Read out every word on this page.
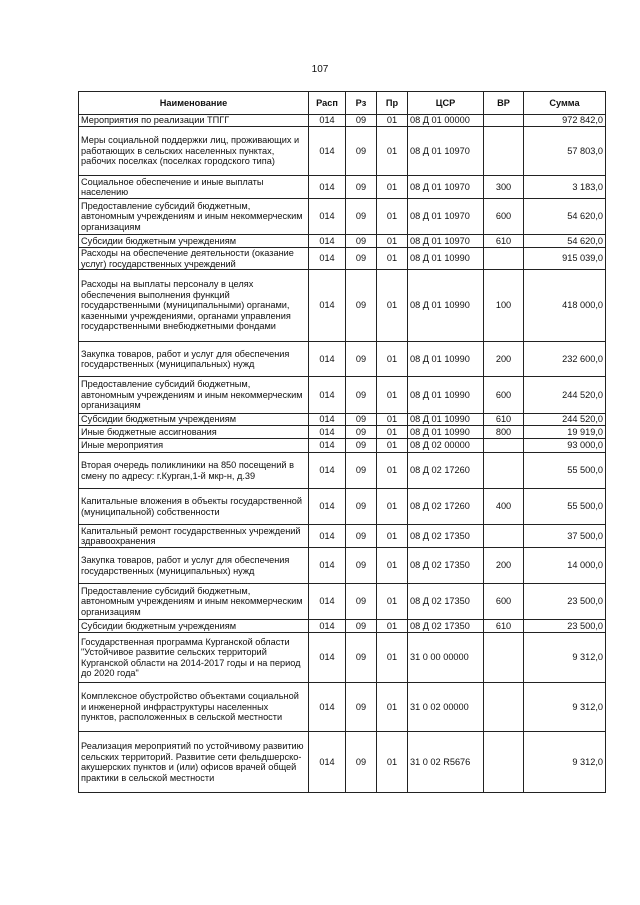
107
Наименование	Расп	Рз	Пр	ЦСР	ВР	Сумма
Мероприятия по реализации ТПГГ	014	09	01	08 Д 01 00000		972 842,0
Меры социальной поддержки лиц, проживающих и работающих в сельских населенных пунктах, рабочих поселках (поселках городского типа)	014	09	01	08 Д 01 10970		57 803,0
Социальное обеспечение и иные выплаты населению	014	09	01	08 Д 01 10970	300	3 183,0
Предоставление субсидий бюджетным, автономным учреждениям и иным некоммерческим организациям	014	09	01	08 Д 01 10970	600	54 620,0
Субсидии бюджетным учреждениям	014	09	01	08 Д 01 10970	610	54 620,0
Расходы на обеспечение деятельности (оказание услуг) государственных учреждений	014	09	01	08 Д 01 10990		915 039,0
Расходы на выплаты персоналу в целях обеспечения выполнения функций государственными (муниципальными) органами, казенными учреждениями, органами управления государственными внебюджетными фондами	014	09	01	08 Д 01 10990	100	418 000,0
Закупка товаров, работ и услуг для обеспечения государственных (муниципальных) нужд	014	09	01	08 Д 01 10990	200	232 600,0
Предоставление субсидий бюджетным, автономным учреждениям и иным некоммерческим организациям	014	09	01	08 Д 01 10990	600	244 520,0
Субсидии бюджетным учреждениям	014	09	01	08 Д 01 10990	610	244 520,0
Иные бюджетные ассигнования	014	09	01	08 Д 01 10990	800	19 919,0
Иные мероприятия	014	09	01	08 Д 02 00000		93 000,0
Вторая очередь поликлиники на 850 посещений в смену по адресу: г.Курган,1-й мкр-н, д.39	014	09	01	08 Д 02 17260		55 500,0
Капитальные вложения в объекты государственной (муниципальной) собственности	014	09	01	08 Д 02 17260	400	55 500,0
Капитальный ремонт государственных учреждений здравоохранения	014	09	01	08 Д 02 17350		37 500,0
Закупка товаров, работ и услуг для обеспечения государственных (муниципальных) нужд	014	09	01	08 Д 02 17350	200	14 000,0
Предоставление субсидий бюджетным, автономным учреждениям и иным некоммерческим организациям	014	09	01	08 Д 02 17350	600	23 500,0
Субсидии бюджетным учреждениям	014	09	01	08 Д 02 17350	610	23 500,0
Государственная программа Курганской области "Устойчивое развитие сельских территорий Курганской области на 2014-2017 годы и на период до 2020 года"	014	09	01	31 0 00 00000		9 312,0
Комплексное обустройство объектами социальной и инженерной инфраструктуры населенных пунктов, расположенных в сельской местности	014	09	01	31 0 02 00000		9 312,0
Реализация мероприятий по устойчивому развитию сельских территорий. Развитие сети фельдшерско-акушерских пунктов и (или) офисов врачей общей практики в сельской местности	014	09	01	31 0 02 R5676		9 312,0
